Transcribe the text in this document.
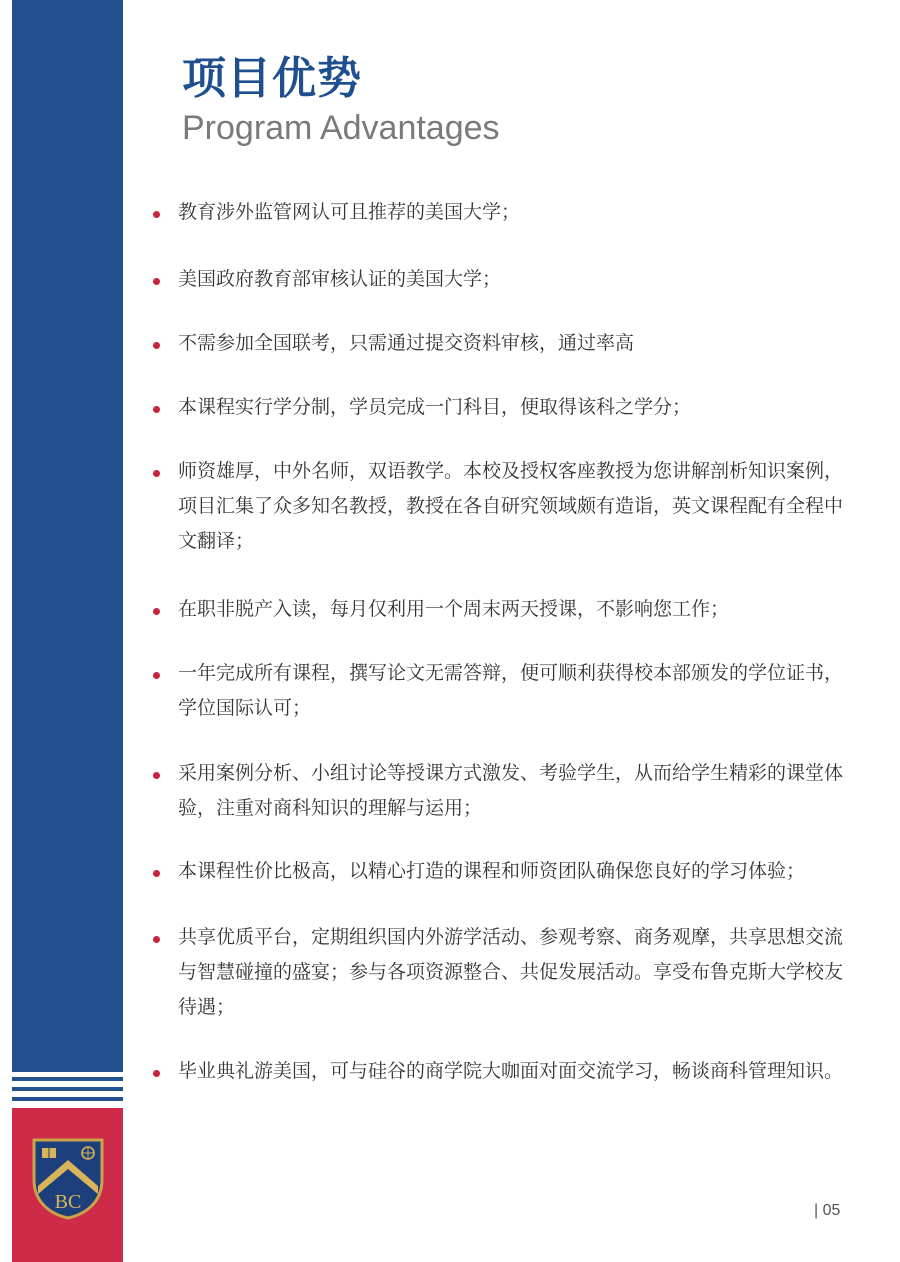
BC
项目优势
Program Advantages
教育涉外监管网认可且推荐的美国大学；
美国政府教育部审核认证的美国大学；
不需参加全国联考，只需通过提交资料审核，通过率高
本课程实行学分制，学员完成一门科目，便取得该科之学分；
师资雄厚，中外名师，双语教学。本校及授权客座教授为您讲解剖析知识案例，项目汇集了众多知名教授，教授在各自研究领域颇有造诣，英文课程配有全程中文翻译；
在职非脱产入读，每月仅利用一个周末两天授课，不影响您工作；
一年完成所有课程，撰写论文无需答辩，便可顺利获得校本部颁发的学位证书，学位国际认可；
采用案例分析、小组讨论等授课方式激发、考验学生，从而给学生精彩的课堂体验，注重对商科知识的理解与运用；
本课程性价比极高，以精心打造的课程和师资团队确保您良好的学习体验；
共享优质平台，定期组织国内外游学活动、参观考察、商务观摩，共享思想交流与智慧碰撞的盛宴；参与各项资源整合、共促发展活动。享受布鲁克斯大学校友待遇；
毕业典礼游美国，可与硅谷的商学院大咖面对面交流学习，畅谈商科管理知识。
| 05
